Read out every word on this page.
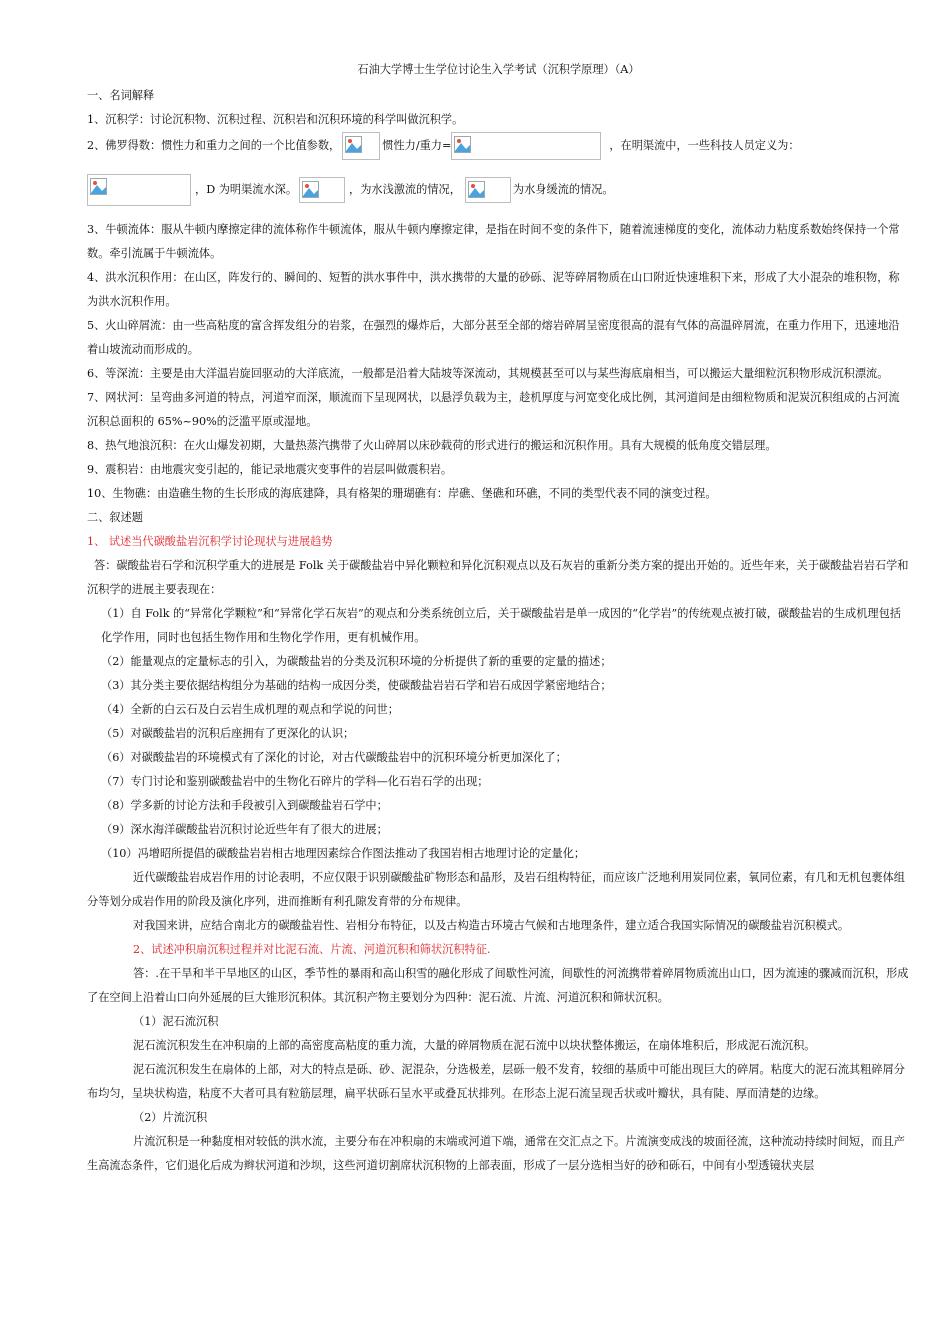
石油大学博士生学位讨论生入学考试（沉积学原理）（A）

一、名词解释

1、沉积学：讨论沉积物、沉积过程、沉积岩和沉积环境的科学叫做沉积学。

2、佛罗得数：惯性力和重力之间的一个比值参数，	惯性力/重力=	，在明渠流中，一些科技人员定义为：

，D 为明渠流水深。

	，为水浅激流的情况，

	为水身缓流的情况。

3、牛顿流体：服从牛顿内摩擦定律的流体称作牛顿流体，服从牛顿内摩擦定律，是指在时间不变的条件下，随着流速梯度的变化，流体动力粘度系数始终保持一个常数。牵引流属于牛顿流体。

4、洪水沉积作用：在山区，阵发行的、瞬间的、短暂的洪水事件中，洪水携带的大量的砂砾、泥等碎屑物质在山口附近快速堆积下来，形成了大小混杂的堆积物，称为洪水沉积作用。

5、火山碎屑流：由一些高粘度的富含挥发组分的岩浆，在强烈的爆炸后，大部分甚至全部的熔岩碎屑呈密度很高的混有气体的高温碎屑流，在重力作用下，迅速地沿着山坡流动而形成的。

6、等深流：主要是由大洋温岩旋回驱动的大洋底流，一般都是沿着大陆坡等深流动，其规模甚至可以与某些海底扇相当，可以搬运大量细粒沉积物形成沉积漂流。

7、网状河：呈弯曲多河道的特点，河道窄而深，顺流而下呈现网状，以悬浮负载为主，趁机厚度与河宽变化成比例，其河道间是由细粒物质和泥炭沉积组成的占河流沉积总面积的 65%~90%的泛滥平原或湿地。

8、热气地浪沉积：在火山爆发初期，大量热蒸汽携带了火山碎屑以床砂载荷的形式进行的搬运和沉积作用。具有大规模的低角度交错层理。

9、震积岩：由地震灾变引起的，能记录地震灾变事件的岩层叫做震积岩。

10、生物礁：由造礁生物的生长形成的海底建降，具有格架的珊瑚礁有：岸礁、堡礁和环礁，不同的类型代表不同的演变过程。

二、叙述题

1、 试述当代碳酸盐岩沉积学讨论现状与进展趋势

答：碳酸盐岩石学和沉积学重大的进展是 Folk 关于碳酸盐岩中异化颗粒和异化沉积观点以及石灰岩的重新分类方案的提出开始的。近些年来，关于碳酸盐岩岩石学和沉积学的进展主要表现在：

（1）自 Folk 的“异常化学颗粒”和“异常化学石灰岩”的观点和分类系统创立后，关于碳酸盐岩是单一成因的“化学岩”的传统观点被打破，碳酸盐岩的生成机理包括化学作用，同时也包括生物作用和生物化学作用，更有机械作用。

（2）能量观点的定量标志的引入，为碳酸盐岩的分类及沉积环境的分析提供了新的重要的定量的描述；

（3）其分类主要依据结构组分为基础的结构一成因分类，使碳酸盐岩岩石学和岩石成因学紧密地结合；

（4）全新的白云石及白云岩生成机理的观点和学说的问世；

（5）对碳酸盐岩的沉积后座拥有了更深化的认识；

（6）对碳酸盐岩的环境模式有了深化的讨论，对古代碳酸盐岩中的沉积环境分析更加深化了；

（7）专门讨论和鉴别碳酸盐岩中的生物化石碎片的学科—化石岩石学的出现；

（8）学多新的讨论方法和手段被引入到碳酸盐岩石学中；

（9）深水海洋碳酸盐岩沉积讨论近些年有了很大的进展；

（10）冯增昭所提倡的碳酸盐岩岩相古地理因素综合作图法推动了我国岩相古地理讨论的定量化；

近代碳酸盐岩成岩作用的讨论表明，不应仅限于识别碳酸盐矿物形态和晶形，及岩石组构特征，而应该广泛地利用炭同位素，氧同位素，有几和无机包裹体组分等划分成岩作用的阶段及演化序列，进而推断有利孔隙发育带的分布规律。

对我国来讲，应结合南北方的碳酸盐岩性、岩相分布特征，以及古构造古环境古气候和古地理条件，建立适合我国实际情况的碳酸盐岩沉积模式。

2、试述冲积扇沉积过程并对比泥石流、片流、河道沉积和筛状沉积特征.

答：.在干旱和半干旱地区的山区，季节性的暴雨和高山积雪的融化形成了间歇性河流，间歇性的河流携带着碎屑物质流出山口，因为流速的骤减而沉积，形成了在空间上沿着山口向外延展的巨大锥形沉积体。其沉积产物主要划分为四种：泥石流、片流、河道沉积和筛状沉积。

（1）泥石流沉积

泥石流沉积发生在冲积扇的上部的高密度高粘度的重力流，大量的碎屑物质在泥石流中以块状整体搬运，在扇体堆积后，形成泥石流沉积。

泥石流沉积发生在扇体的上部，对大的特点是砾、砂、泥混杂，分选极差，层砾一般不发育，较细的基质中可能出现巨大的碎屑。粘度大的泥石流其粗碎屑分布均匀，呈块状构造，粘度不大者可具有粒筋层理，扁平状砾石呈水平或叠瓦状排列。在形态上泥石流呈现舌状或叶瓣状，具有陡、厚而清楚的边缘。

（2）片流沉积

片流沉积是一种黏度相对较低的洪水流，主要分布在冲积扇的末端或河道下端，通常在交汇点之下。片流演变成浅的坡面径流，这种流动持续时间短，而且产生高流态条件，它们退化后成为辫状河道和沙坝，这些河道切割席状沉积物的上部表面，形成了一层分选相当好的砂和砾石，中间有小型透镜状夹层
